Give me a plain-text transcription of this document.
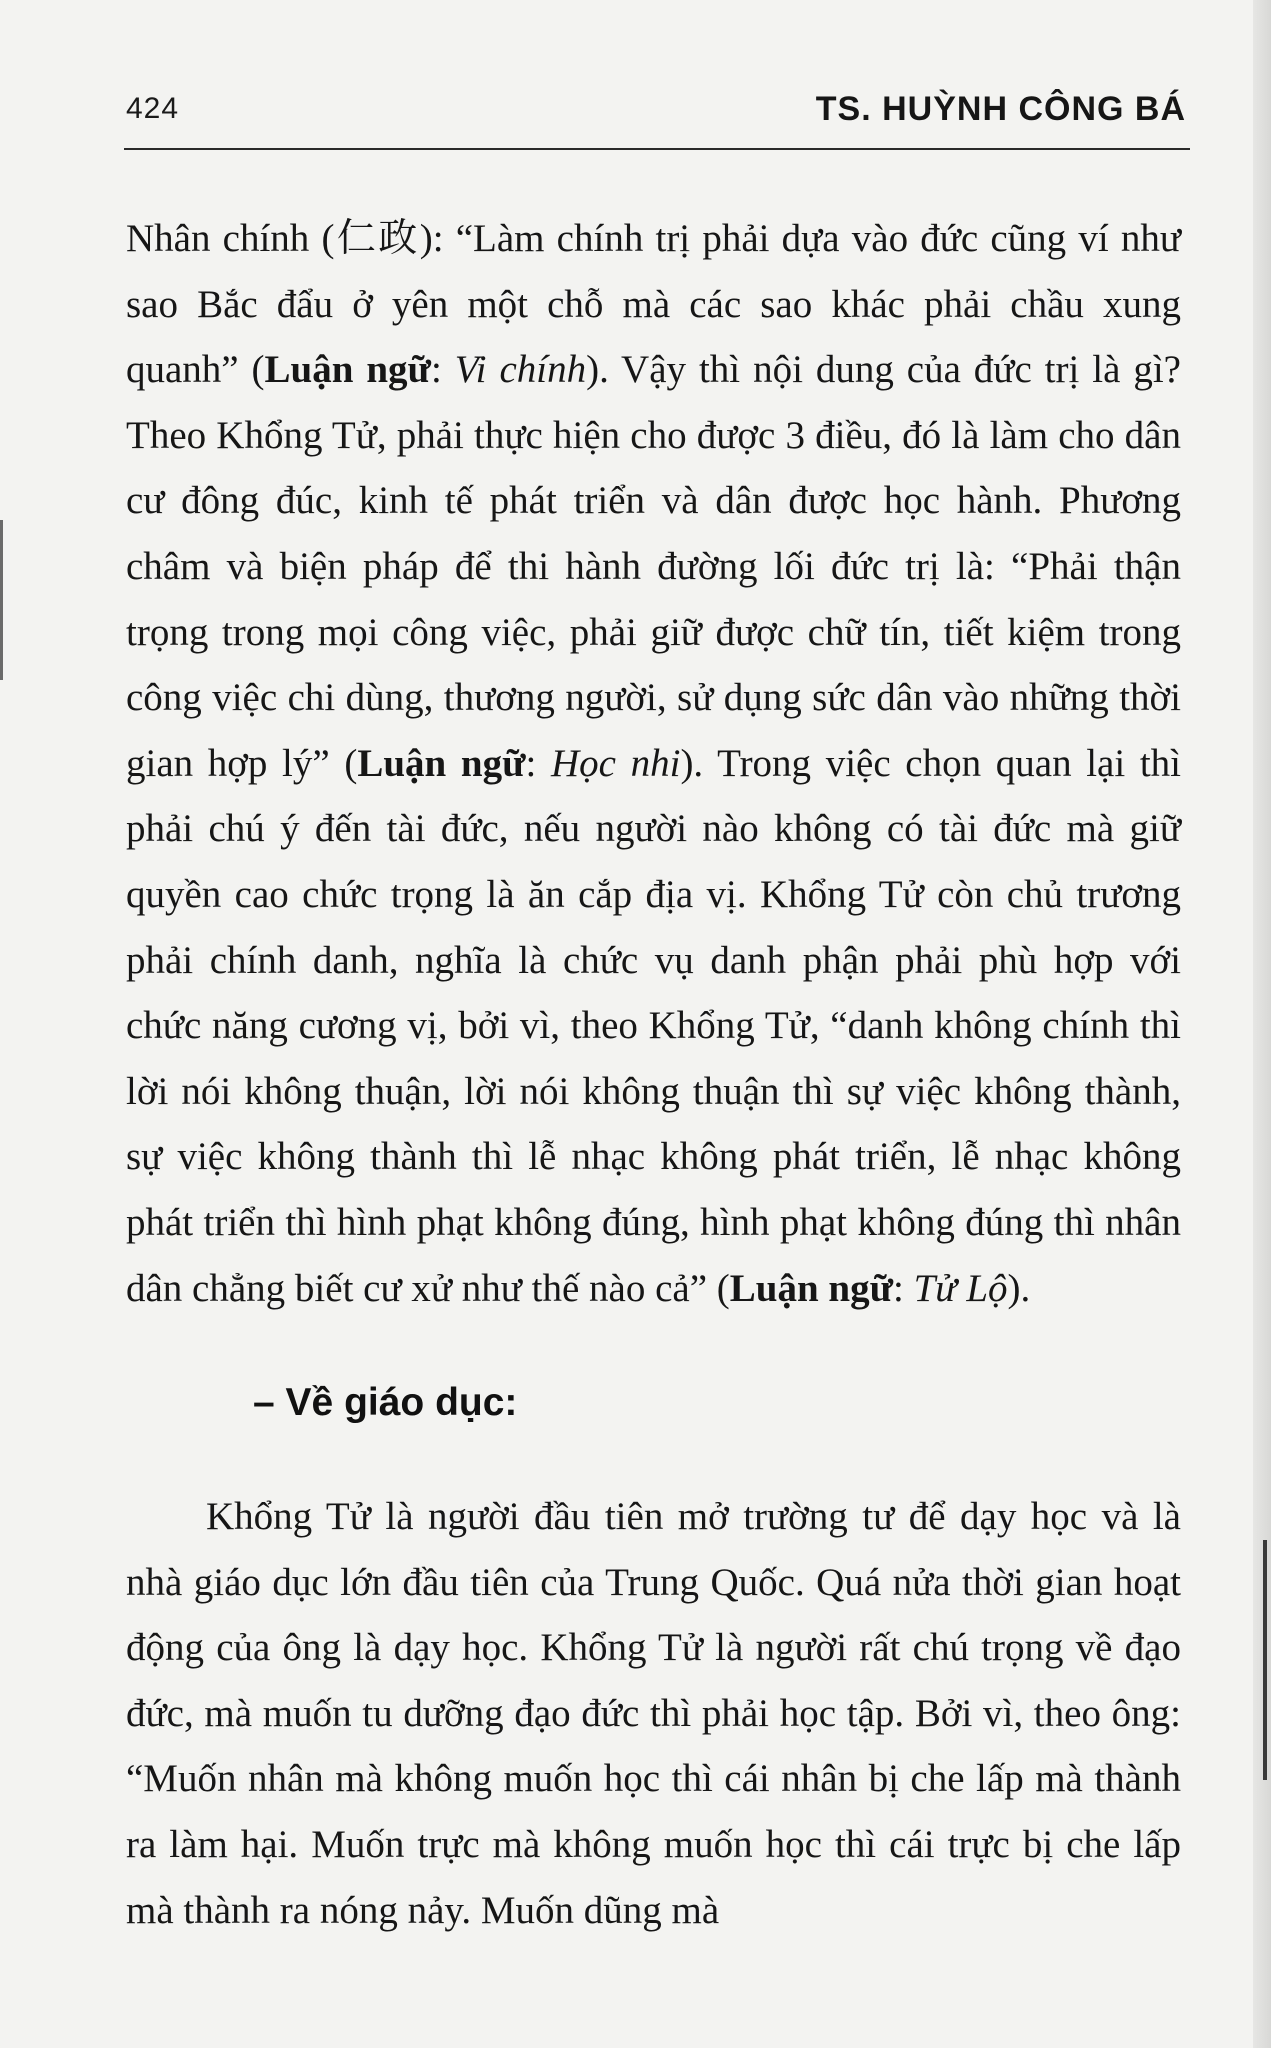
424	TS. HUỲNH CÔNG BÁ

Nhân chính (仁政): “Làm chính trị phải dựa vào đức cũng ví như sao Bắc đẩu ở yên một chỗ mà các sao khác phải chầu xung quanh” (Luận ngữ: Vi chính). Vậy thì nội dung của đức trị là gì? Theo Khổng Tử, phải thực hiện cho được 3 điều, đó là làm cho dân cư đông đúc, kinh tế phát triển và dân được học hành. Phương châm và biện pháp để thi hành đường lối đức trị là: “Phải thận trọng trong mọi công việc, phải giữ được chữ tín, tiết kiệm trong công việc chi dùng, thương người, sử dụng sức dân vào những thời gian hợp lý” (Luận ngữ: Học nhi). Trong việc chọn quan lại thì phải chú ý đến tài đức, nếu người nào không có tài đức mà giữ quyền cao chức trọng là ăn cắp địa vị. Khổng Tử còn chủ trương phải chính danh, nghĩa là chức vụ danh phận phải phù hợp với chức năng cương vị, bởi vì, theo Khổng Tử, “danh không chính thì lời nói không thuận, lời nói không thuận thì sự việc không thành, sự việc không thành thì lễ nhạc không phát triển, lễ nhạc không phát triển thì hình phạt không đúng, hình phạt không đúng thì nhân dân chẳng biết cư xử như thế nào cả” (Luận ngữ: Tử Lộ).

– Về giáo dục:

Khổng Tử là người đầu tiên mở trường tư để dạy học và là nhà giáo dục lớn đầu tiên của Trung Quốc. Quá nửa thời gian hoạt động của ông là dạy học. Khổng Tử là người rất chú trọng về đạo đức, mà muốn tu dưỡng đạo đức thì phải học tập. Bởi vì, theo ông: “Muốn nhân mà không muốn học thì cái nhân bị che lấp mà thành ra làm hại. Muốn trực mà không muốn học thì cái trực bị che lấp mà thành ra nóng nảy. Muốn dũng mà
